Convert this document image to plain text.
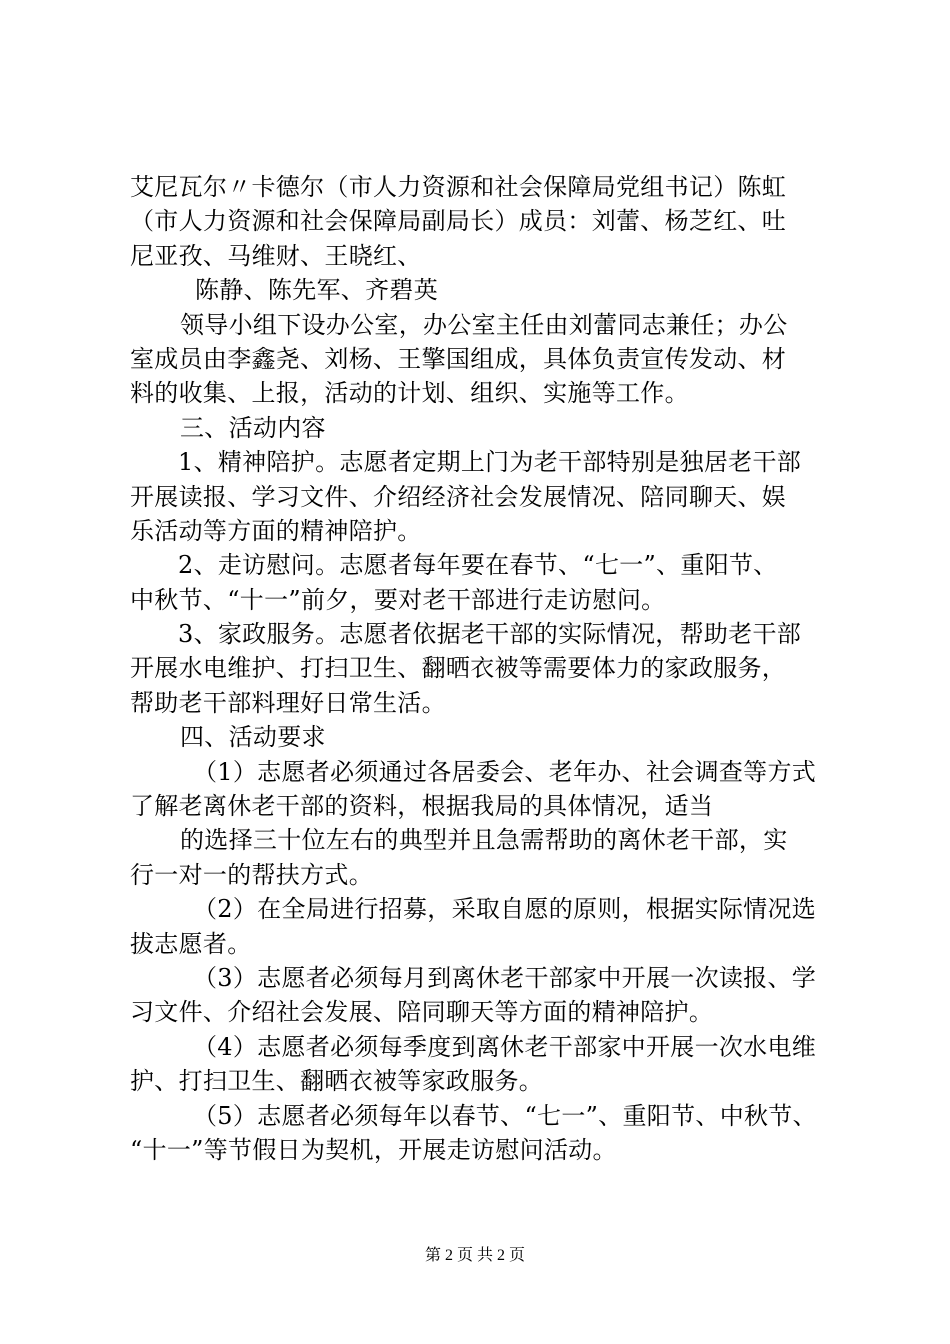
艾尼瓦尔〃卡德尔（市人力资源和社会保障局党组书记）陈虹
（市人力资源和社会保障局副局长）成员：刘蕾、杨芝红、吐
尼亚孜、马维财、王晓红、
陈静、陈先军、齐碧英
领导小组下设办公室，办公室主任由刘蕾同志兼任；办公
室成员由李鑫尧、刘杨、王擎国组成，具体负责宣传发动、材
料的收集、上报，活动的计划、组织、实施等工作。
三、活动内容
1、精神陪护。志愿者定期上门为老干部特别是独居老干部
开展读报、学习文件、介绍经济社会发展情况、陪同聊天、娱
乐活动等方面的精神陪护。
2、走访慰问。志愿者每年要在春节、“七一”、重阳节、
中秋节、“十一”前夕，要对老干部进行走访慰问。
3、家政服务。志愿者依据老干部的实际情况，帮助老干部
开展水电维护、打扫卫生、翻晒衣被等需要体力的家政服务，
帮助老干部料理好日常生活。
四、活动要求
（1）志愿者必须通过各居委会、老年办、社会调查等方式
了解老离休老干部的资料，根据我局的具体情况，适当
的选择三十位左右的典型并且急需帮助的离休老干部，实
行一对一的帮扶方式。
（2）在全局进行招募，采取自愿的原则，根据实际情况选
拔志愿者。
（3）志愿者必须每月到离休老干部家中开展一次读报、学
习文件、介绍社会发展、陪同聊天等方面的精神陪护。
（4）志愿者必须每季度到离休老干部家中开展一次水电维
护、打扫卫生、翻晒衣被等家政服务。
（5）志愿者必须每年以春节、“七一”、重阳节、中秋节、
“十一”等节假日为契机，开展走访慰问活动。
第 2 页 共 2 页
